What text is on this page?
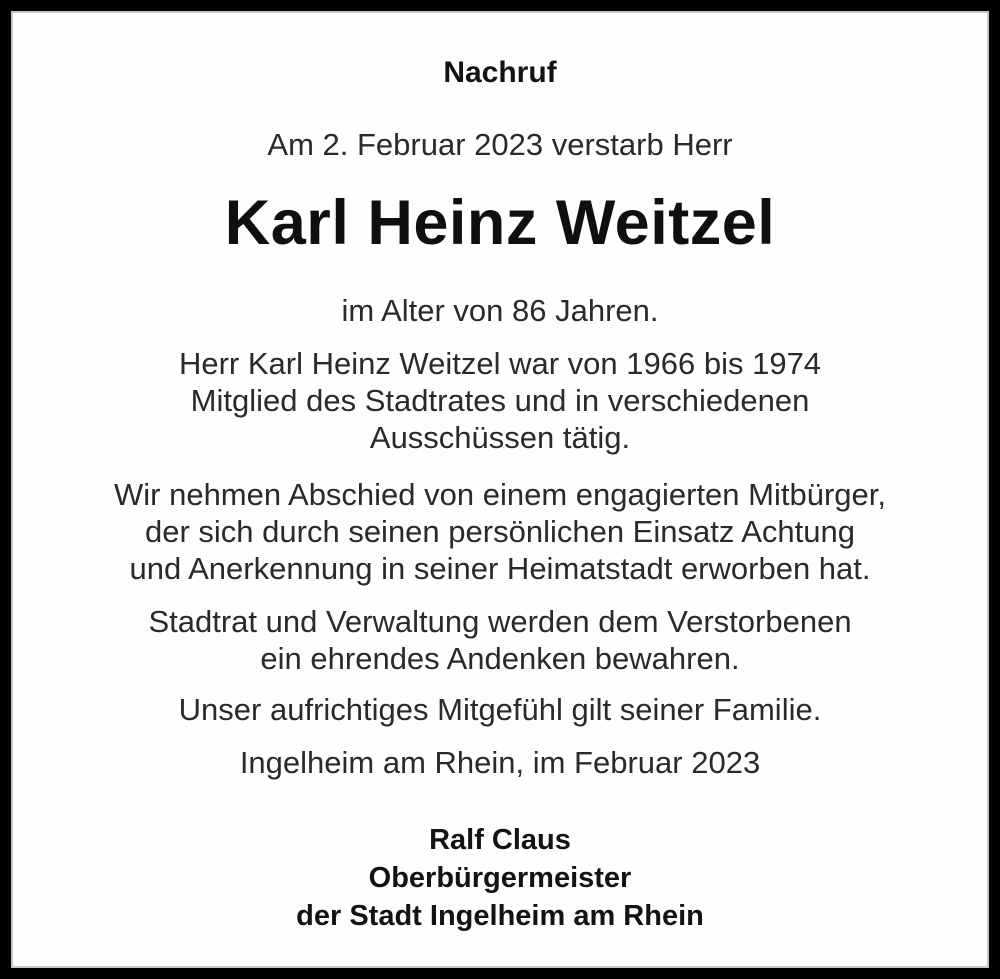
Nachruf
Am 2. Februar 2023 verstarb Herr
Karl Heinz Weitzel
im Alter von 86 Jahren.

Herr Karl Heinz Weitzel war von 1966 bis 1974
Mitglied des Stadtrates und in verschiedenen
Ausschüssen tätig.

Wir nehmen Abschied von einem engagierten Mitbürger,
der sich durch seinen persönlichen Einsatz Achtung
und Anerkennung in seiner Heimatstadt erworben hat.

Stadtrat und Verwaltung werden dem Verstorbenen
ein ehrendes Andenken bewahren.

Unser aufrichtiges Mitgefühl gilt seiner Familie.
Ingelheim am Rhein, im Februar 2023
Ralf Claus
Oberbürgermeister
der Stadt Ingelheim am Rhein
